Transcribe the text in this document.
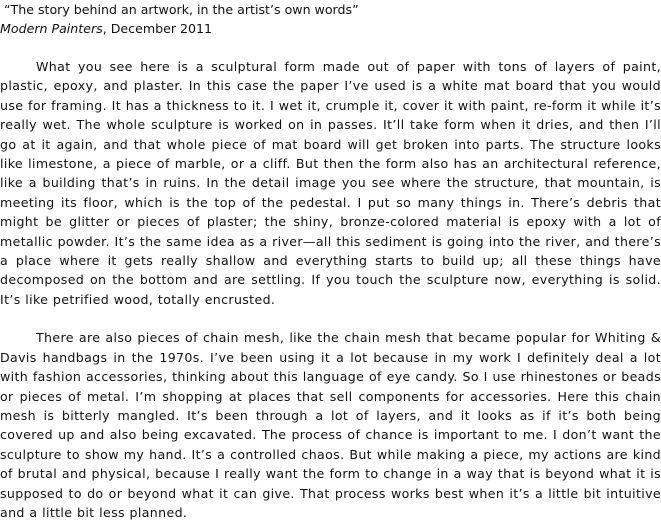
“The story behind an artwork, in the artist’s own words”

Modern Painters, December 2011

What you see here is a sculptural form made out of paper with tons of layers of paint, plastic, epoxy, and plaster. In this case the paper I’ve used is a white mat board that you would use for framing. It has a thickness to it. I wet it, crumple it, cover it with paint, re-form it while it’s really wet. The whole sculpture is worked on in passes. It’ll take form when it dries, and then I’ll go at it again, and that whole piece of mat board will get broken into parts. The structure looks like limestone, a piece of marble, or a cliff. But then the form also has an architectural reference, like a building that’s in ruins. In the detail image you see where the structure, that mountain, is meeting its floor, which is the top of the pedestal. I put so many things in. There’s debris that might be glitter or pieces of plaster; the shiny, bronze-colored material is epoxy with a lot of metallic powder. It’s the same idea as a river—all this sediment is going into the river, and there’s a place where it gets really shallow and everything starts to build up; all these things have decomposed on the bottom and are settling. If you touch the sculpture now, everything is solid. It’s like petrified wood, totally encrusted.

There are also pieces of chain mesh, like the chain mesh that became popular for Whiting & Davis handbags in the 1970s. I’ve been using it a lot because in my work I definitely deal a lot with fashion accessories, thinking about this language of eye candy. So I use rhinestones or beads or pieces of metal. I’m shopping at places that sell components for accessories. Here this chain mesh is bitterly mangled. It’s been through a lot of layers, and it looks as if it’s both being covered up and also being excavated. The process of chance is important to me. I don’t want the sculpture to show my hand. It’s a controlled chaos. But while making a piece, my actions are kind of brutal and physical, because I really want the form to change in a way that is beyond what it is supposed to do or beyond what it can give. That process works best when it’s a little bit intuitive and a little bit less planned.
